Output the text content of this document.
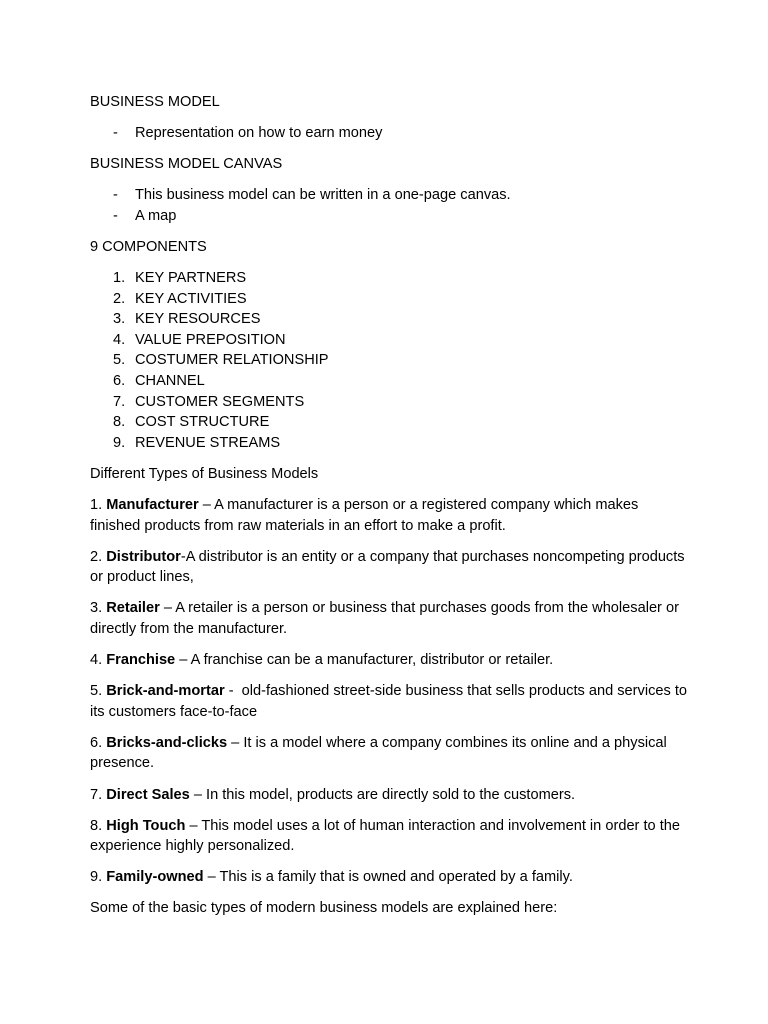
BUSINESS MODEL

- Representation on how to earn money

BUSINESS MODEL CANVAS

- This business model can be written in a one-page canvas.
- A map

9 COMPONENTS

1. KEY PARTNERS
2. KEY ACTIVITIES
3. KEY RESOURCES
4. VALUE PREPOSITION
5. COSTUMER RELATIONSHIP
6. CHANNEL
7. CUSTOMER SEGMENTS
8. COST STRUCTURE
9. REVENUE STREAMS

Different Types of Business Models

1. Manufacturer – A manufacturer is a person or a registered company which makes finished products from raw materials in an effort to make a profit.

2. Distributor-A distributor is an entity or a company that purchases noncompeting products or product lines,

3. Retailer – A retailer is a person or business that purchases goods from the wholesaler or directly from the manufacturer.

4. Franchise – A franchise can be a manufacturer, distributor or retailer.

5. Brick-and-mortar -  old-fashioned street-side business that sells products and services to its customers face-to-face

6. Bricks-and-clicks – It is a model where a company combines its online and a physical presence.

7. Direct Sales – In this model, products are directly sold to the customers.

8. High Touch – This model uses a lot of human interaction and involvement in order to the experience highly personalized.

9. Family-owned – This is a family that is owned and operated by a family.

Some of the basic types of modern business models are explained here:
